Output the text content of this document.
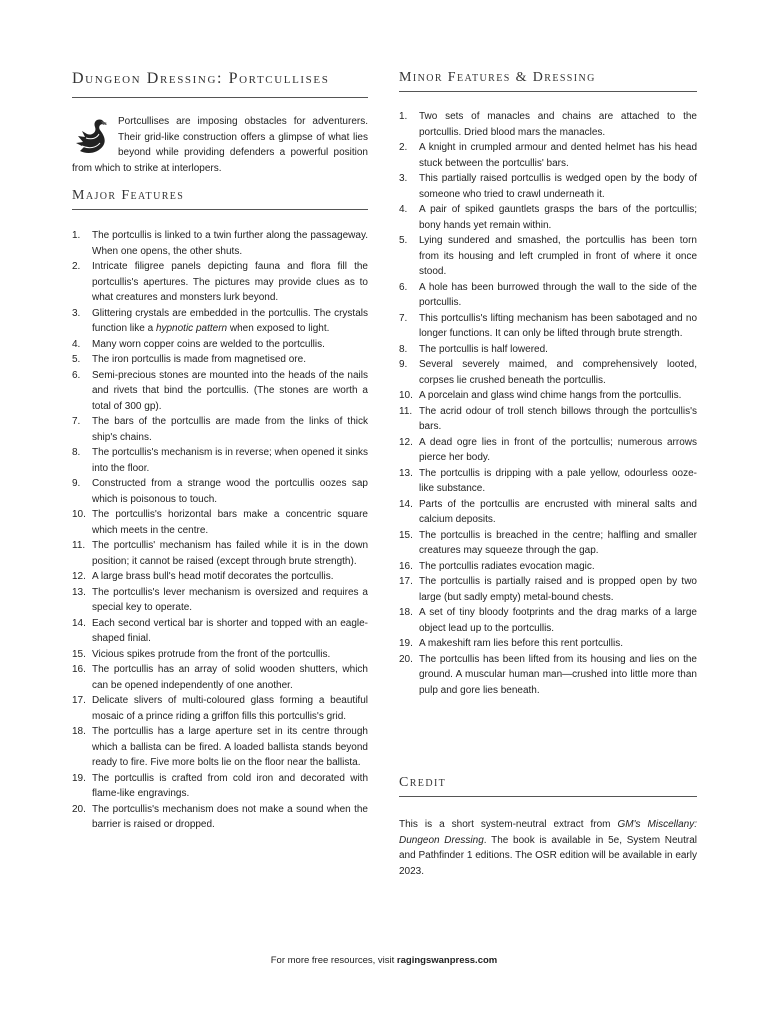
Dungeon Dressing: Portcullises
Portcullises are imposing obstacles for adventurers. Their grid-like construction offers a glimpse of what lies beyond while providing defenders a powerful position from which to strike at interlopers.
Major Features
1. The portcullis is linked to a twin further along the passageway. When one opens, the other shuts.
2. Intricate filigree panels depicting fauna and flora fill the portcullis's apertures. The pictures may provide clues as to what creatures and monsters lurk beyond.
3. Glittering crystals are embedded in the portcullis. The crystals function like a hypnotic pattern when exposed to light.
4. Many worn copper coins are welded to the portcullis.
5. The iron portcullis is made from magnetised ore.
6. Semi-precious stones are mounted into the heads of the nails and rivets that bind the portcullis. (The stones are worth a total of 300 gp).
7. The bars of the portcullis are made from the links of thick ship's chains.
8. The portcullis's mechanism is in reverse; when opened it sinks into the floor.
9. Constructed from a strange wood the portcullis oozes sap which is poisonous to touch.
10. The portcullis's horizontal bars make a concentric square which meets in the centre.
11. The portcullis' mechanism has failed while it is in the down position; it cannot be raised (except through brute strength).
12. A large brass bull's head motif decorates the portcullis.
13. The portcullis's lever mechanism is oversized and requires a special key to operate.
14. Each second vertical bar is shorter and topped with an eagle-shaped finial.
15. Vicious spikes protrude from the front of the portcullis.
16. The portcullis has an array of solid wooden shutters, which can be opened independently of one another.
17. Delicate slivers of multi-coloured glass forming a beautiful mosaic of a prince riding a griffon fills this portcullis's grid.
18. The portcullis has a large aperture set in its centre through which a ballista can be fired. A loaded ballista stands beyond ready to fire. Five more bolts lie on the floor near the ballista.
19. The portcullis is crafted from cold iron and decorated with flame-like engravings.
20. The portcullis's mechanism does not make a sound when the barrier is raised or dropped.
Minor Features & Dressing
1. Two sets of manacles and chains are attached to the portcullis. Dried blood mars the manacles.
2. A knight in crumpled armour and dented helmet has his head stuck between the portcullis' bars.
3. This partially raised portcullis is wedged open by the body of someone who tried to crawl underneath it.
4. A pair of spiked gauntlets grasps the bars of the portcullis; bony hands yet remain within.
5. Lying sundered and smashed, the portcullis has been torn from its housing and left crumpled in front of where it once stood.
6. A hole has been burrowed through the wall to the side of the portcullis.
7. This portcullis's lifting mechanism has been sabotaged and no longer functions. It can only be lifted through brute strength.
8. The portcullis is half lowered.
9. Several severely maimed, and comprehensively looted, corpses lie crushed beneath the portcullis.
10. A porcelain and glass wind chime hangs from the portcullis.
11. The acrid odour of troll stench billows through the portcullis's bars.
12. A dead ogre lies in front of the portcullis; numerous arrows pierce her body.
13. The portcullis is dripping with a pale yellow, odourless ooze-like substance.
14. Parts of the portcullis are encrusted with mineral salts and calcium deposits.
15. The portcullis is breached in the centre; halfling and smaller creatures may squeeze through the gap.
16. The portcullis radiates evocation magic.
17. The portcullis is partially raised and is propped open by two large (but sadly empty) metal-bound chests.
18. A set of tiny bloody footprints and the drag marks of a large object lead up to the portcullis.
19. A makeshift ram lies before this rent portcullis.
20. The portcullis has been lifted from its housing and lies on the ground. A muscular human man—crushed into little more than pulp and gore lies beneath.
Credit
This is a short system-neutral extract from GM's Miscellany: Dungeon Dressing. The book is available in 5e, System Neutral and Pathfinder 1 editions. The OSR edition will be available in early 2023.
For more free resources, visit ragingswanpress.com
